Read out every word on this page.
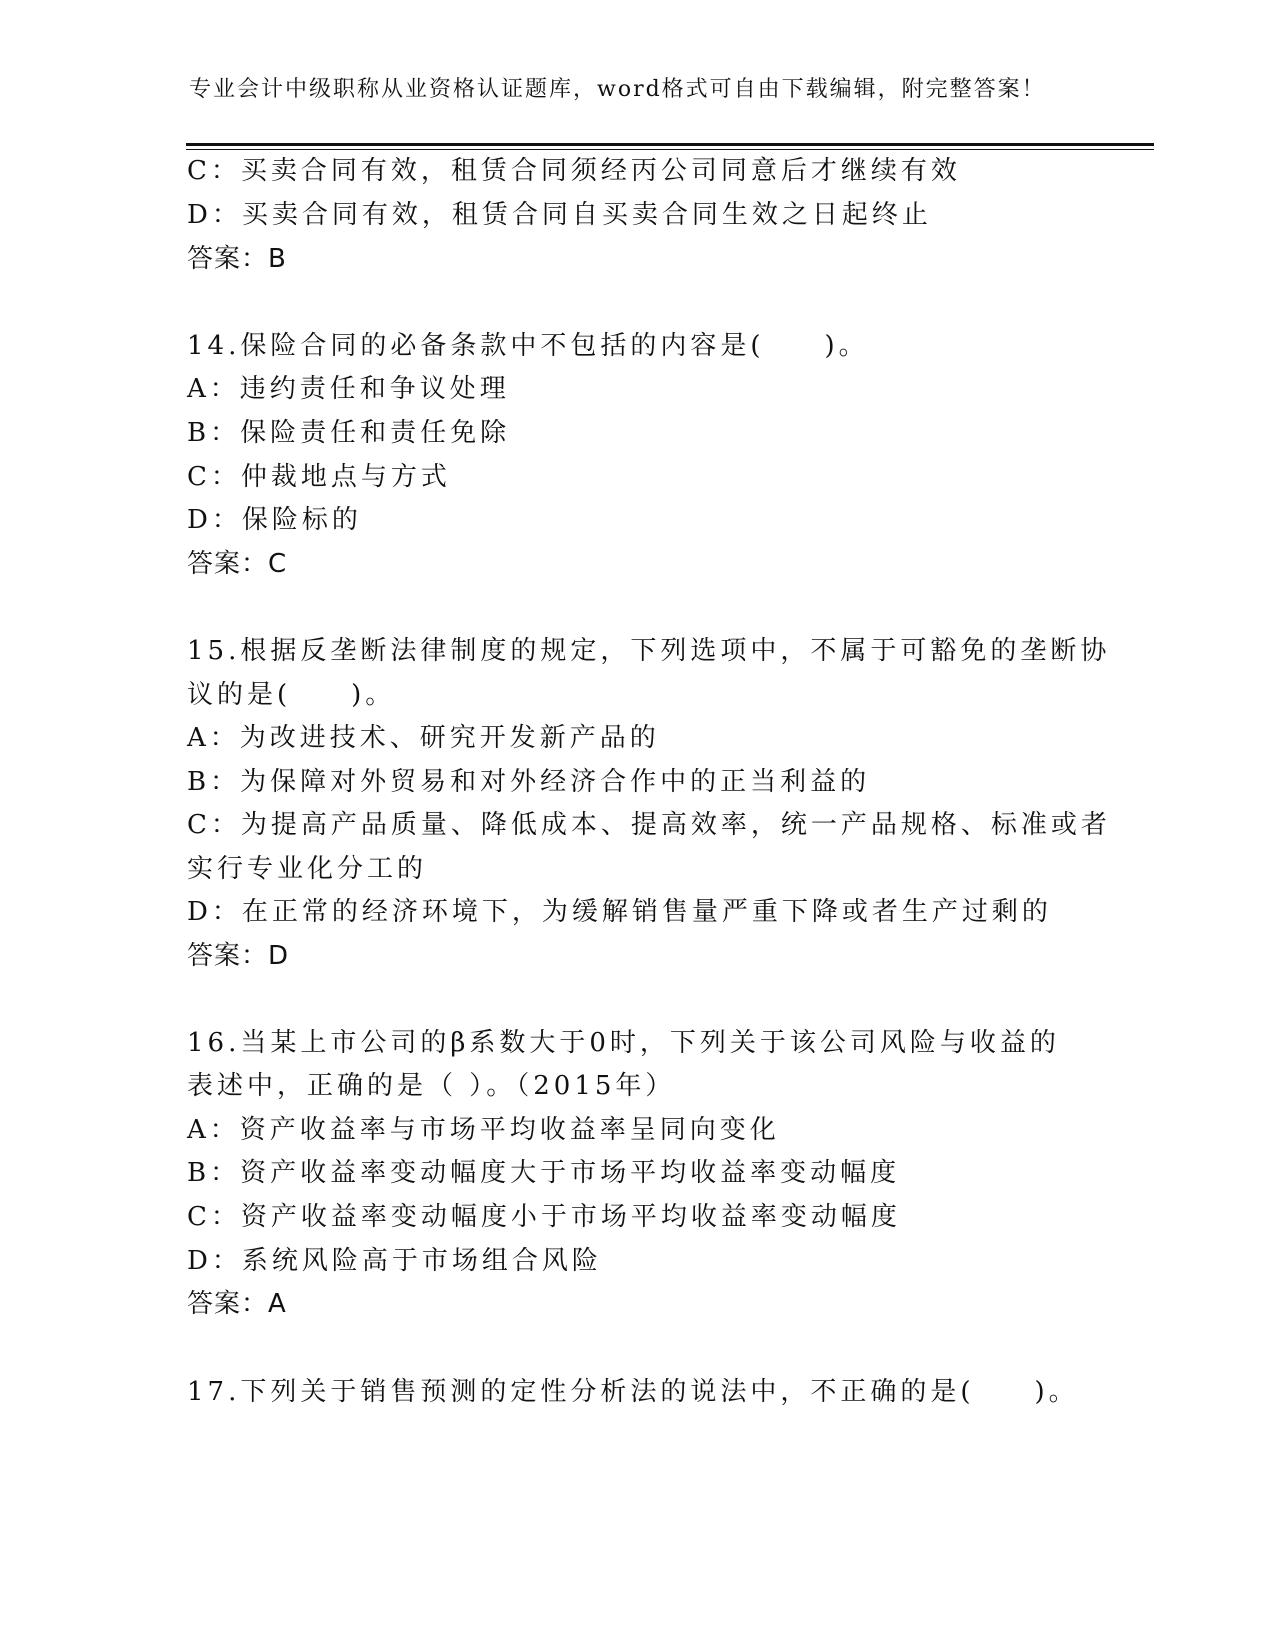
专业会计中级职称从业资格认证题库，word格式可自由下载编辑，附完整答案！
C：买卖合同有效，租赁合同须经丙公司同意后才继续有效
D：买卖合同有效，租赁合同自买卖合同生效之日起终止
答案：B
14.保险合同的必备条款中不包括的内容是(　　)。
A：违约责任和争议处理
B：保险责任和责任免除
C：仲裁地点与方式
D：保险标的
答案：C
15.根据反垄断法律制度的规定，下列选项中，不属于可豁免的垄断协
议的是(　　)。
A：为改进技术、研究开发新产品的
B：为保障对外贸易和对外经济合作中的正当利益的
C：为提高产品质量、降低成本、提高效率，统一产品规格、标准或者
实行专业化分工的
D：在正常的经济环境下，为缓解销售量严重下降或者生产过剩的
答案：D
16.当某上市公司的β系数大于0时，下列关于该公司风险与收益的
表述中，正确的是（ ）。（2015年）
A：资产收益率与市场平均收益率呈同向变化
B：资产收益率变动幅度大于市场平均收益率变动幅度
C：资产收益率变动幅度小于市场平均收益率变动幅度
D：系统风险高于市场组合风险
答案：A
17.下列关于销售预测的定性分析法的说法中，不正确的是(　　)。
